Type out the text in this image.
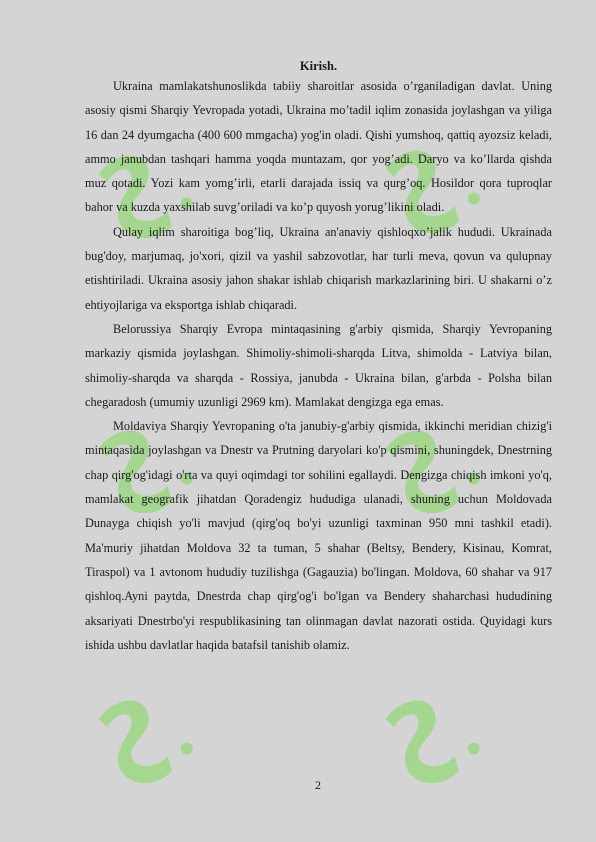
Kirish.

Ukraina mamlakatshunoslikda tabiiy sharoitlar asosida o’rganiladigan davlat. Uning asosiy qismi Sharqiy Yevropada yotadi, Ukraina mo’tadil iqlim zonasida joylashgan va yiliga 16 dan 24 dyumgacha (400 600 mmgacha) yog'in oladi. Qishi yumshoq, qattiq ayozsiz keladi, ammo janubdan tashqari hamma yoqda muntazam, qor yog’adi. Daryo va ko’llarda qishda muz qotadi. Yozi kam yomg’irli, etarli darajada issiq va qurg’oq. Hosildor qora tuproqlar bahor va kuzda yaxshilab suvg’oriladi va ko’p quyosh yorug’likini oladi.

Qulay iqlim sharoitiga bog’liq, Ukraina an'anaviy qishloqxo’jalik hududi. Ukrainada bug'doy, marjumaq, jo'xori, qizil va yashil sabzovotlar, har turli meva, qovun va qulupnay etishtiriladi. Ukraina asosiy jahon shakar ishlab chiqarish markazlarining biri. U shakarni o’z ehtiyojlariga va eksportga ishlab chiqaradi.

Belorussiya Sharqiy Evropa mintaqasining g'arbiy qismida, Sharqiy Yevropaning markaziy qismida joylashgan. Shimoliy-shimoli-sharqda Litva, shimolda - Latviya bilan, shimoliy-sharqda va sharqda - Rossiya, janubda - Ukraina bilan, g'arbda - Polsha bilan chegaradosh (umumiy uzunligi 2969 km). Mamlakat dengizga ega emas.

Moldaviya Sharqiy Yevropaning o'ta janubiy-g'arbiy qismida, ikkinchi meridian chizig'i mintaqasida joylashgan va Dnestr va Prutning daryolari ko'p qismini, shuningdek, Dnestrning chap qirg'og'idagi o'rta va quyi oqimdagi tor sohilini egallaydi. Dengizga chiqish imkoni yo'q, mamlakat geografik jihatdan Qoradengiz hududiga ulanadi, shuning uchun Moldovada Dunayga chiqish yo'li mavjud (qirg'oq bo'yi uzunligi taxminan 950 mni tashkil etadi). Ma'muriy jihatdan Moldova 32 ta tuman, 5 shahar (Beltsy, Bendery, Kisinau, Komrat, Tiraspol) va 1 avtonom hududiy tuzilishga (Gagauzia) bo'lingan. Moldova, 60 shahar va 917 qishloq.Ayni paytda, Dnestrda chap qirg'og'i bo'lgan va Bendery shaharchasi hududining aksariyati Dnestrbo'yi respublikasining tan olinmagan davlat nazorati ostida. Quyidagi kurs ishida ushbu davlatlar haqida batafsil tanishib olamiz.

2
